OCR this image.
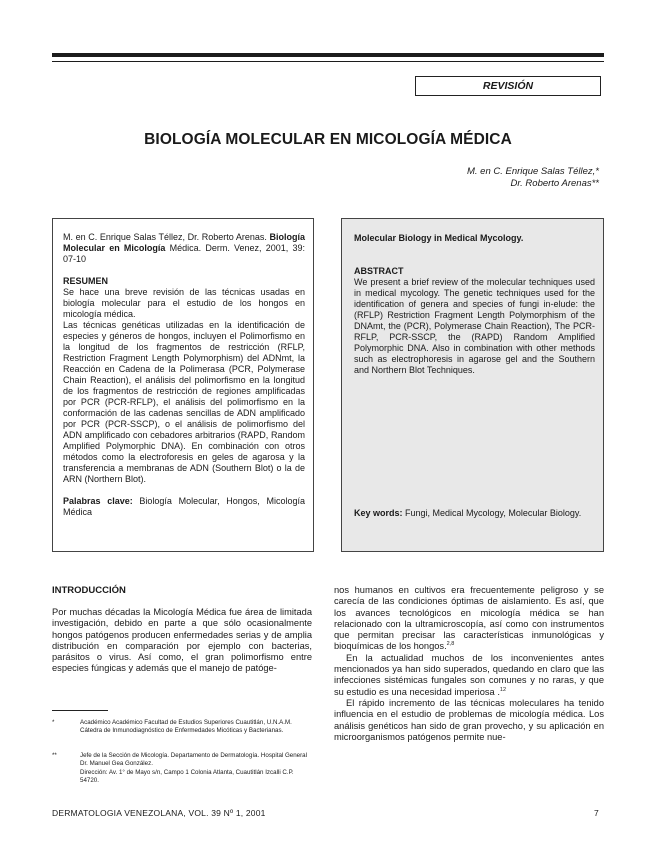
REVISIÓN
BIOLOGÍA MOLECULAR EN MICOLOGÍA MÉDICA
M. en C. Enrique Salas Téllez,*
Dr. Roberto Arenas**

M. en C. Enrique Salas Téllez, Dr. Roberto Arenas. Biología Molecular en Micología Médica. Derm. Venez, 2001, 39: 07-10

RESUMEN

Se hace una breve revisión de las técnicas usadas en biología molecular para el estudio de los hongos en micología médica.

Las técnicas genéticas utilizadas en la identificación de especies y géneros de hongos, incluyen el Polimorfismo en la longitud de los fragmentos de restricción (RFLP, Restriction Fragment Length Polymorphism) del ADNmt, la Reacción en Cadena de la Polimerasa (PCR, Polymerase Chain Reaction), el análisis del polimorfismo en la longitud de los fragmentos de restricción de regiones amplificadas por PCR (PCR-RFLP), el análisis del polimorfismo en la conformación de las cadenas sencillas de ADN amplificado por PCR (PCR-SSCP), o el análisis de polimorfismo del ADN amplificado con cebadores arbitrarios (RAPD, Random Amplified Polymorphic DNA). En combinación con otros métodos como la electroforesis en geles de agarosa y la transferencia a membranas de ADN (Southern Blot) o la de ARN (Northern Blot).

Palabras clave: Biología Molecular, Hongos, Micología Médica

Molecular Biology in Medical Mycology.

ABSTRACT

We present a brief review of the molecular techniques used in medical mycology. The genetic techniques used for the identification of genera and species of fungi in-elude: the (RFLP) Restriction Fragment Length Polymorphism of the DNAmt, the (PCR), Polymerase Chain Reaction), The PCR-RFLP, PCR-SSCP, the (RAPD) Random Amplified Polymorphic DNA. Also in combination with other methods such as electrophoresis in agarose gel and the Southern and Northern Blot Techniques.

Key words: Fungi, Medical Mycology, Molecular Biology.
INTRODUCCIÓN

Por muchas décadas la Micología Médica fue área de limitada investigación, debido en parte a que sólo ocasionalmente hongos patógenos producen enfermedades serias y de amplia distribución en comparación por ejemplo con bacterias, parásitos o virus. Así como, el gran polimorfismo entre especies fúngicas y además que el manejo de patóge-

nos humanos en cultivos era frecuentemente peligroso y se carecía de las condiciones óptimas de aislamiento. Es así, que los avances tecnológicos en micología médica se han relacionado con la ultramicroscopía, así como con instrumentos que permitan precisar las características inmunológicas y bioquímicas de los hongos.$^{2,8}$

En la actualidad muchos de los inconvenientes antes mencionados ya han sido superados, quedando en claro que las infecciones sistémicas fungales son comunes y no raras, y que su estudio es una necesidad imperiosa .$^{12}$

El rápido incremento de las técnicas moleculares ha tenido influencia en el estudio de problemas de micología médica. Los análisis genéticos han sido de gran provecho, y su aplicación en microorganismos patógenos permite nue-

*	Académico Académico Facultad de Estudios Superiores Cuautitlán, U.N.A.M. Cátedra de Inmunodiagnóstico de Enfermedades Micóticas y Bacterianas.
**	Jefe de la Sección de Micología. Departamento de Dermatología. Hospital General Dr. Manuel Gea González.
Dirección: Av. 1° de Mayo s/n, Campo 1 Colonia Atlanta, Cuautitlán Izcalli C.P. 54720.
DERMATOLOGIA VENEZOLANA, VOL. 39 Nº 1, 2001	7
